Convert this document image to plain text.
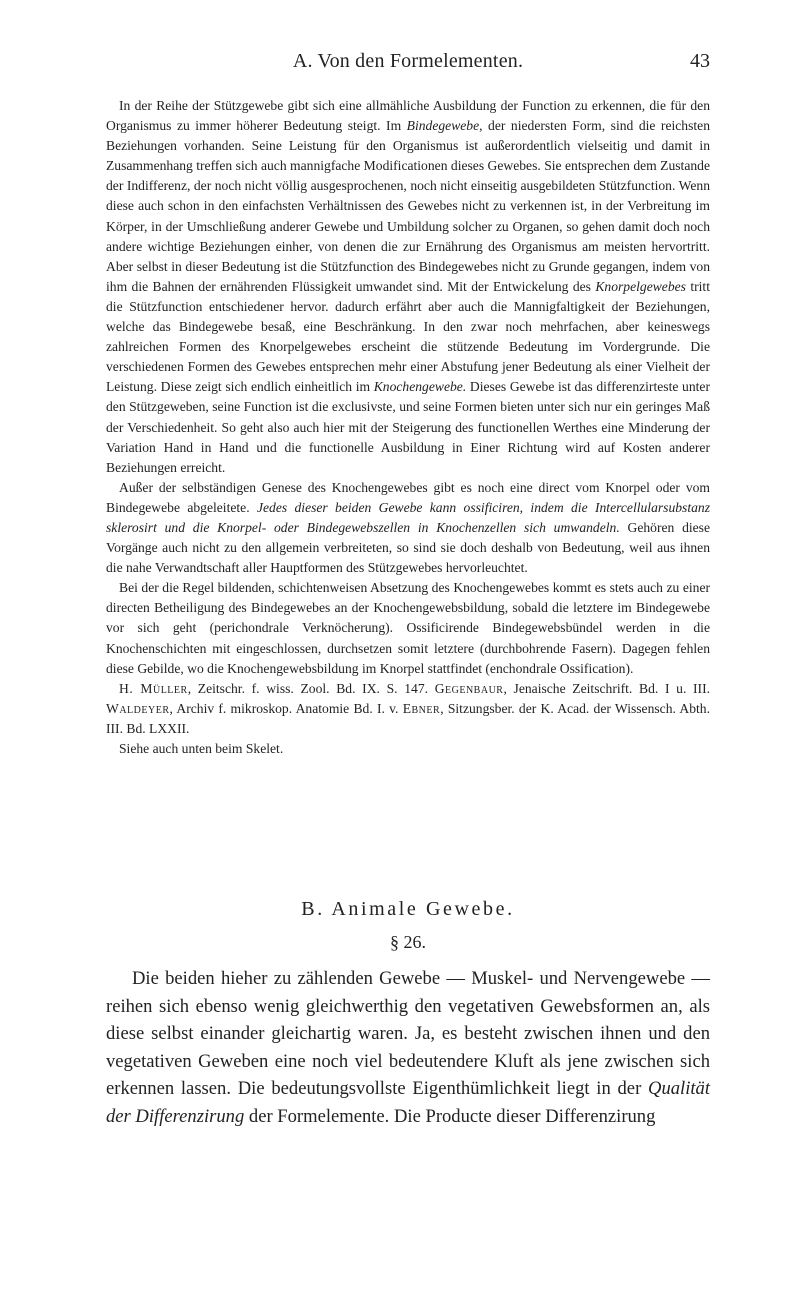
A. Von den Formelementen.	43

In der Reihe der Stützgewebe gibt sich eine allmähliche Ausbildung der Function zu erkennen, die für den Organismus zu immer höherer Bedeutung steigt. Im Bindegewebe, der niedersten Form, sind die reichsten Beziehungen vorhanden. Seine Leistung für den Organismus ist außerordentlich vielseitig und damit in Zusammenhang treffen sich auch mannigfache Modificationen dieses Gewebes. Sie entsprechen dem Zustande der Indifferenz, der noch nicht völlig ausgesprochenen, noch nicht einseitig ausgebildeten Stützfunction. Wenn diese auch schon in den einfachsten Verhältnissen des Gewebes nicht zu verkennen ist, in der Verbreitung im Körper, in der Umschließung anderer Gewebe und Umbildung solcher zu Organen, so gehen damit doch noch andere wichtige Beziehungen einher, von denen die zur Ernährung des Organismus am meisten hervortritt. Aber selbst in dieser Bedeutung ist die Stützfunction des Bindegewebes nicht zu Grunde gegangen, indem von ihm die Bahnen der ernährenden Flüssigkeit umwandet sind. Mit der Entwickelung des Knorpelgewebes tritt die Stützfunction entschiedener hervor. dadurch erfährt aber auch die Mannigfaltigkeit der Beziehungen, welche das Bindegewebe besaß, eine Beschränkung. In den zwar noch mehrfachen, aber keineswegs zahlreichen Formen des Knorpelgewebes erscheint die stützende Bedeutung im Vordergrunde. Die verschiedenen Formen des Gewebes entsprechen mehr einer Abstufung jener Bedeutung als einer Vielheit der Leistung. Diese zeigt sich endlich einheitlich im Knochengewebe. Dieses Gewebe ist das differenzirteste unter den Stützgeweben, seine Function ist die exclusivste, und seine Formen bieten unter sich nur ein geringes Maß der Verschiedenheit. So geht also auch hier mit der Steigerung des functionellen Werthes eine Minderung der Variation Hand in Hand und die functionelle Ausbildung in Einer Richtung wird auf Kosten anderer Beziehungen erreicht.

Außer der selbständigen Genese des Knochengewebes gibt es noch eine direct vom Knorpel oder vom Bindegewebe abgeleitete. Jedes dieser beiden Gewebe kann ossificiren, indem die Intercellularsubstanz sklerosirt und die Knorpel- oder Bindegewebszellen in Knochenzellen sich umwandeln. Gehören diese Vorgänge auch nicht zu den allgemein verbreiteten, so sind sie doch deshalb von Bedeutung, weil aus ihnen die nahe Verwandtschaft aller Hauptformen des Stützgewebes hervorleuchtet.

Bei der die Regel bildenden, schichtenweisen Absetzung des Knochengewebes kommt es stets auch zu einer directen Betheiligung des Bindegewebes an der Knochengewebsbildung, sobald die letztere im Bindegewebe vor sich geht (perichondrale Verknöcherung). Ossificirende Bindegewebsbündel werden in die Knochenschichten mit eingeschlossen, durchsetzen somit letztere (durchbohrende Fasern). Dagegen fehlen diese Gebilde, wo die Knochengewebsbildung im Knorpel stattfindet (enchondrale Ossification).

H. Müller, Zeitschr. f. wiss. Zool. Bd. IX. S. 147. Gegenbaur, Jenaische Zeitschrift. Bd. I u. III. Waldeyer, Archiv f. mikroskop. Anatomie Bd. I. v. Ebner, Sitzungsber. der K. Acad. der Wissensch. Abth. III. Bd. LXXII.

Siehe auch unten beim Skelet.

B. Animale Gewebe.
§ 26.

Die beiden hieher zu zählenden Gewebe — Muskel- und Nervengewebe — reihen sich ebenso wenig gleichwerthig den vegetativen Gewebsformen an, als diese selbst einander gleichartig waren. Ja, es besteht zwischen ihnen und den vegetativen Geweben eine noch viel bedeutendere Kluft als jene zwischen sich erkennen lassen. Die bedeutungsvollste Eigenthümlichkeit liegt in der Qualität der Differenzirung der Formelemente. Die Producte dieser Differenzirung
